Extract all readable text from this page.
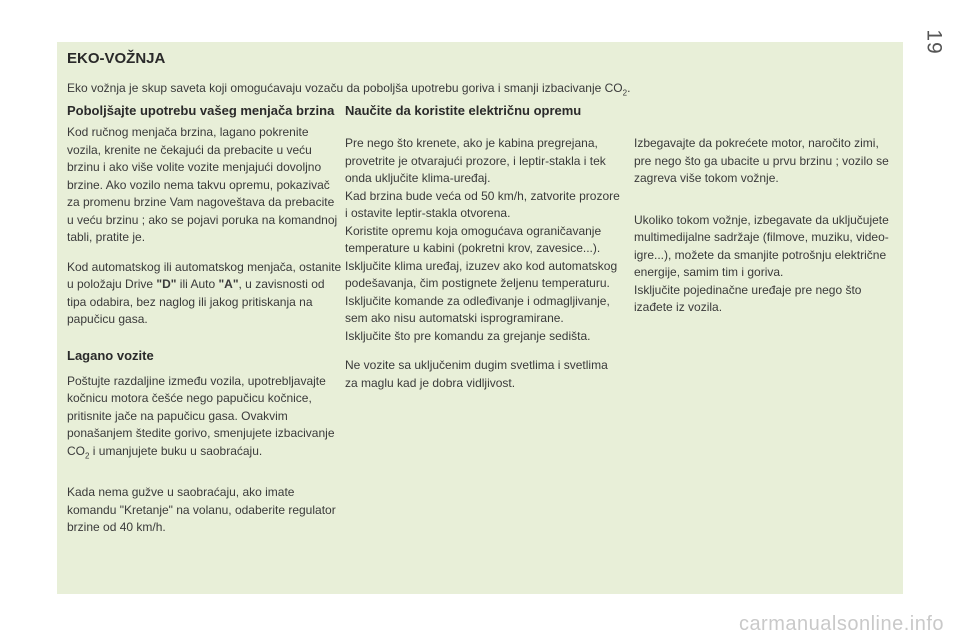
19
EKO-VOŽNJA

Eko vožnja je skup saveta koji omogućavaju vozaču da poboljša upotrebu goriva i smanji izbacivanje $CO_2$.

Poboljšajte upotrebu vašeg menjača brzina

Kod ručnog menjača brzina, lagano pokrenite vozila, krenite ne čekajući da prebacite u veću brzinu i ako više volite vozite menjajući dovoljno brzine. Ako vozilo nema takvu opremu, pokazivač za promenu brzine Vam nagoveštava da prebacite u veću brzinu ; ako se pojavi poruka na komandnoj tabli, pratite je.

Kod automatskog ili automatskog menjača, ostanite u položaju Drive "D" ili Auto "A", u zavisnosti od tipa odabira, bez naglog ili jakog pritiskanja na papučicu gasa.

Lagano vozite

Poštujte razdaljine između vozila, upotrebljavajte kočnicu motora češće nego papučicu kočnice, pritisnite jače na papučicu gasa. Ovakvim ponašanjem štedite gorivo, smenjujete izbacivanje $CO_2$ i umanjujete buku u saobraćaju.

Kada nema gužve u saobraćaju, ako imate komandu "Kretanje" na volanu, odaberite regulator brzine od 40 km/h.

Naučite da koristite električnu opremu

Pre nego što krenete, ako je kabina pregrejana, provetrite je otvarajući prozore, i leptir-stakla i tek onda uključite klima-uređaj.

Kad brzina bude veća od 50 km/h, zatvorite prozore i ostavite leptir-stakla otvorena.

Koristite opremu koja omogućava ograničavanje temperature u kabini (pokretni krov, zavesice...).

Isključite klima uređaj, izuzev ako kod automatskog podešavanja, čim postignete željenu temperaturu.

Isključite komande za odleđivanje i odmagljivanje, sem ako nisu automatski isprogramirane.

Isključite što pre komandu za grejanje sedišta.

Ne vozite sa uključenim dugim svetlima i svetlima za maglu kad je dobra vidljivost.

Izbegavajte da pokrećete motor, naročito zimi, pre nego što ga ubacite u prvu brzinu ; vozilo se zagreva više tokom vožnje.

Ukoliko tokom vožnje, izbegavate da uključujete multimedijalne sadržaje (filmove, muziku, video-igre...), možete da smanjite potrošnju električne energije, samim tim i goriva.

Isključite pojedinačne uređaje pre nego što izađete iz vozila.

carmanualsonline.info
